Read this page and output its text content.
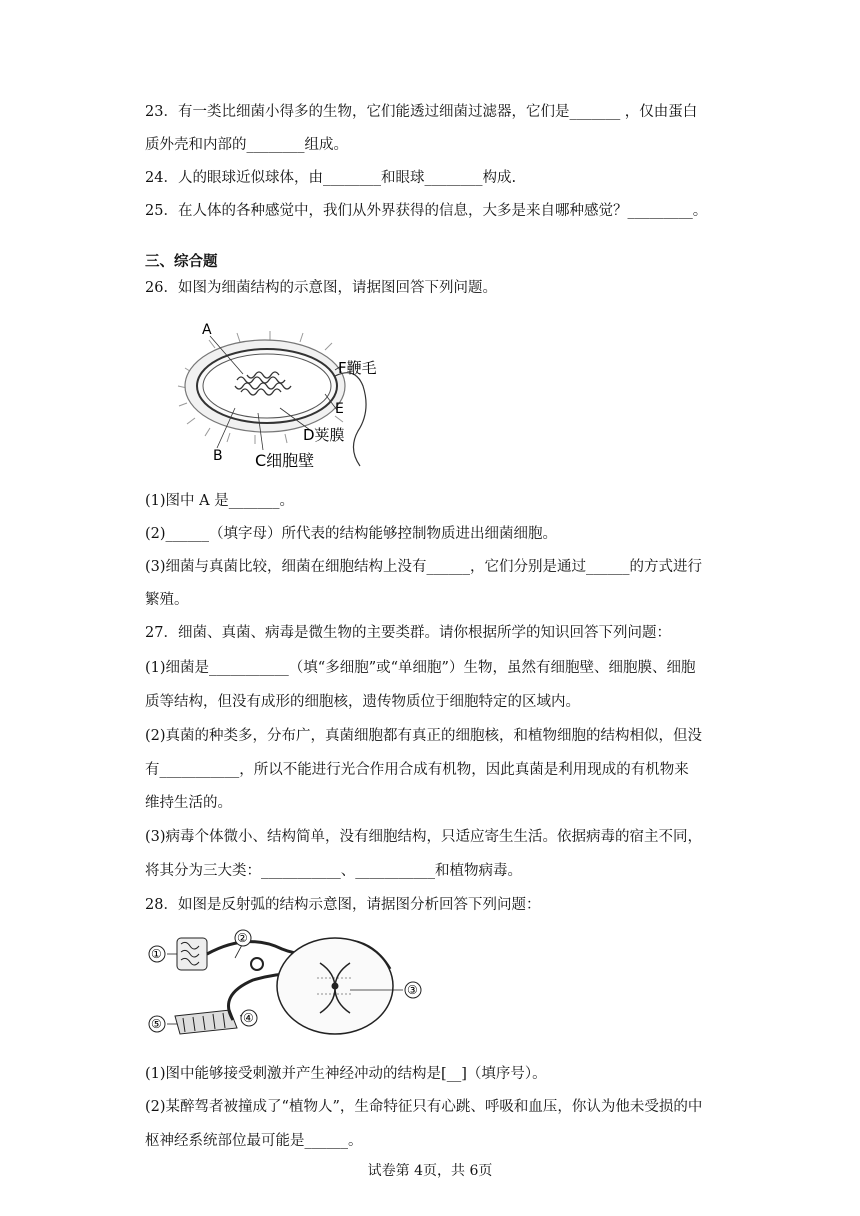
23．有一类比细菌小得多的生物，它们能透过细菌过滤器，它们是_______ ，仅由蛋白

质外壳和内部的________组成。

24．人的眼球近似球体，由________和眼球________构成.

25．在人体的各种感觉中，我们从外界获得的信息，大多是来自哪种感觉？_________。

三、综合题

26．如图为细菌结构的示意图，请据图回答下列问题。

A
F鞭毛
E
D荚膜
B C细胞壁

(1)图中 A 是_______。

(2)______（填字母）所代表的结构能够控制物质进出细菌细胞。

(3)细菌与真菌比较，细菌在细胞结构上没有______，它们分别是通过______的方式进行

繁殖。

27．细菌、真菌、病毒是微生物的主要类群。请你根据所学的知识回答下列问题：

(1)细菌是___________（填“多细胞”或“单细胞”）生物，虽然有细胞壁、细胞膜、细胞

质等结构，但没有成形的细胞核，遗传物质位于细胞特定的区域内。

(2)真菌的种类多，分布广，真菌细胞都有真正的细胞核，和植物细胞的结构相似，但没

有___________，所以不能进行光合作用合成有机物，因此真菌是利用现成的有机物来

维持生活的。

(3)病毒个体微小、结构简单，没有细胞结构，只适应寄生生活。依据病毒的宿主不同，

将其分为三大类：___________、___________和植物病毒。

28．如图是反射弧的结构示意图，请据图分析回答下列问题：

①
②
③
④
⑤

(1)图中能够接受刺激并产生神经冲动的结构是[__]（填序号）。

(2)某醉驾者被撞成了“植物人”，生命特征只有心跳、呼吸和血压，你认为他未受损的中

枢神经系统部位最可能是______。

试卷第 4页，共 6页
